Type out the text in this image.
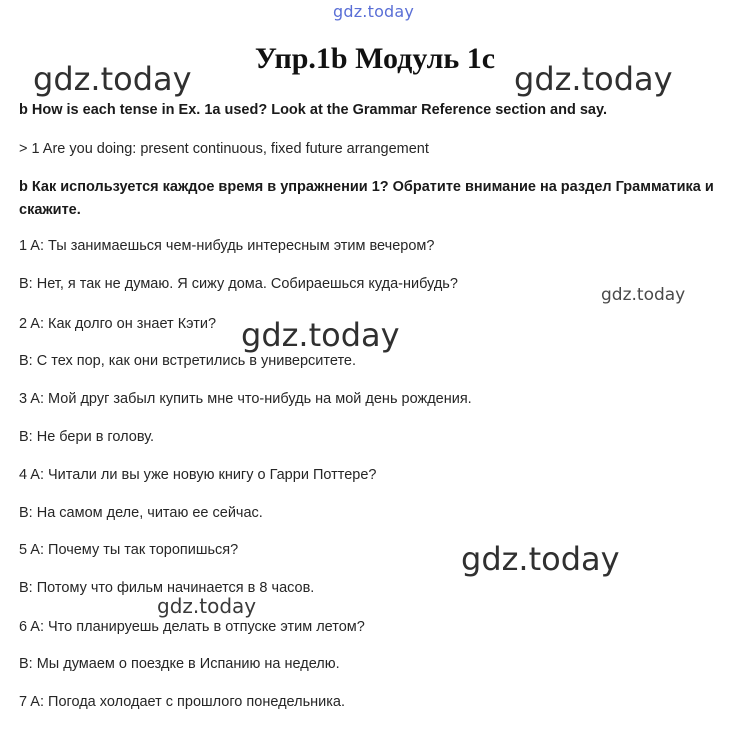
gdz.today
gdz.today	gdz.today
gdz.today
gdz.today
gdz.today
gdz.today
Упр.1b Модуль 1c
b How is each tense in Ex. 1a used? Look at the Grammar Reference section and say.
> 1 Are you doing: present continuous, fixed future arrangement
b Как используется каждое время в упражнении 1? Обратите внимание на раздел Грамматика и скажите.
1 A: Ты занимаешься чем-нибудь интересным этим вечером?
B: Нет, я так не думаю. Я сижу дома. Собираешься куда-нибудь?
2 A: Как долго он знает Кэти?
B: С тех пор, как они встретились в университете.
3 A: Мой друг забыл купить мне что-нибудь на мой день рождения.
B: Не бери в голову.
4 A: Читали ли вы уже новую книгу о Гарри Поттере?
B: На самом деле, читаю ее сейчас.
5 A: Почему ты так торопишься?
B: Потому что фильм начинается в 8 часов.
6 A: Что планируешь делать в отпуске этим летом?
B: Мы думаем о поездке в Испанию на неделю.
7 A: Погода холодает с прошлого понедельника.
